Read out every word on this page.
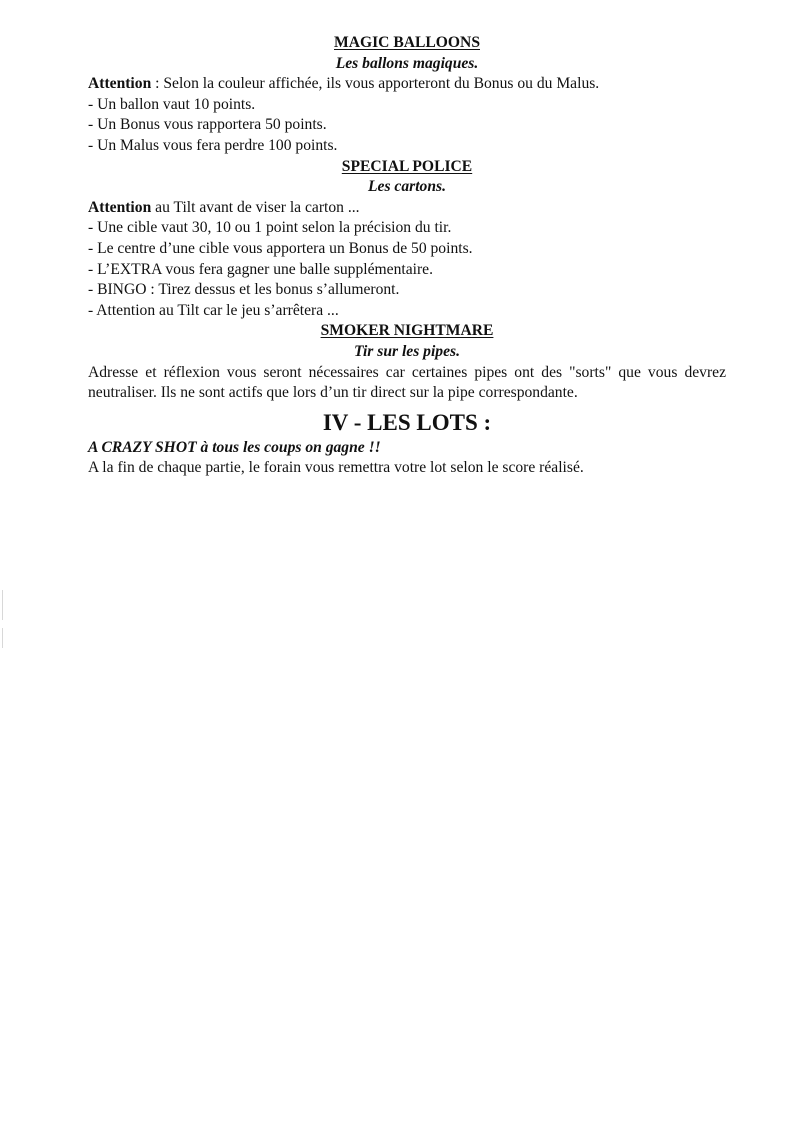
MAGIC BALLOONS

Les ballons magiques.

Attention : Selon la couleur affichée, ils vous apporteront du Bonus ou du Malus.

- Un ballon vaut 10 points.

- Un Bonus vous rapportera 50 points.

- Un Malus vous fera perdre 100 points.

SPECIAL POLICE

Les cartons.

Attention au Tilt avant de viser la carton ...

- Une cible vaut 30, 10 ou 1 point selon la précision du tir.

- Le centre d’une cible vous apportera un Bonus de 50 points.

- L’EXTRA vous fera gagner une balle supplémentaire.

- BINGO : Tirez dessus et les bonus s’allumeront.

- Attention au Tilt car le jeu s’arrêtera ...

SMOKER NIGHTMARE

Tir sur les pipes.

Adresse et réflexion vous seront nécessaires car certaines pipes ont des "sorts" que vous devrez neutraliser. Ils ne sont actifs que lors d’un tir direct sur la pipe correspondante.

IV - LES LOTS :

A CRAZY SHOT à tous les coups on gagne !!

A la fin de chaque partie, le forain vous remettra votre lot selon le score réalisé.
